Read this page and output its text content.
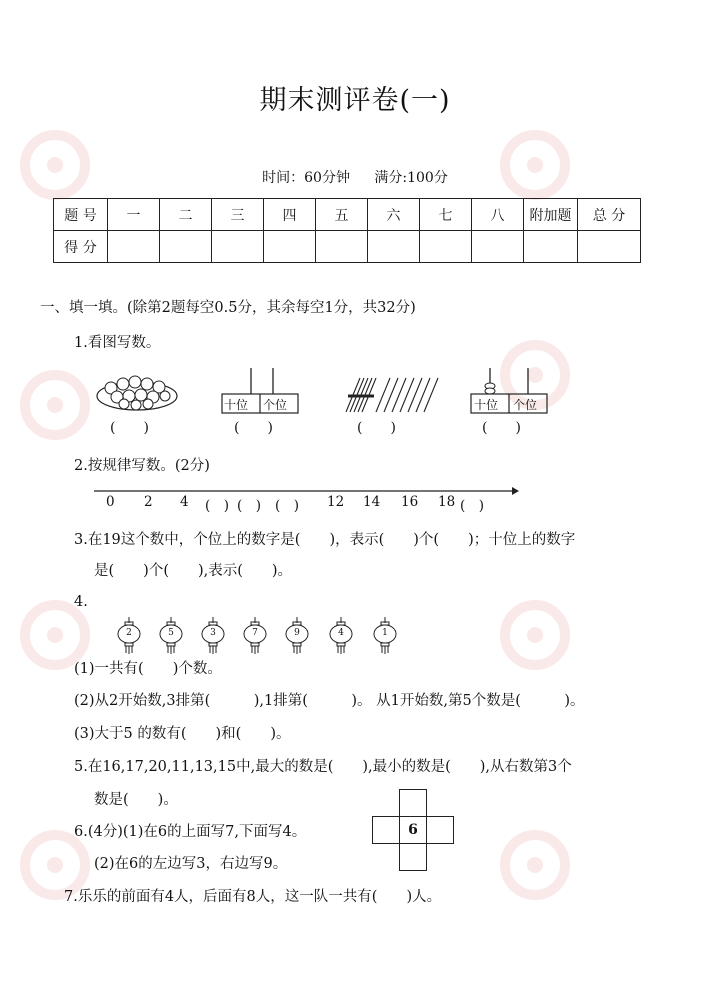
期末测评卷(一)
时间：60分钟 满分:100分
题 号	一	二	三	四	五	六	七	八	附加题	总 分
得 分										
一、填一填。(除第2题每空0.5分，其余每空1分，共32分)
1.看图写数。
(　　)
十位 个位
(　　)	(　　)
十位 个位
(　　)
2.按规律写数。(2分)
0 2 4 (　) (　) (　) 12 14 16 18 (　)
3.在19这个数中，个位上的数字是(　　)，表示(　　)个(　　)；十位上的数字
是(　　)个(　　),表示(　　)。
4.
2	5	3	7	9	4	1
(1)一共有(　　)个数。
(2)从2开始数,3排第(　　　),1排第(　　　)。 从1开始数,第5个数是(　　　)。
(3)大于5 的数有(　　)和(　　)。
5.在16,17,20,11,13,15中,最大的数是(　　),最小的数是(　　),从右数第3个
数是(　　)。
6.(4分)(1)在6的上面写7,下面写4。
(2)在6的左边写3，右边写9。
6
7.乐乐的前面有4人，后面有8人，这一队一共有(　　)人。
